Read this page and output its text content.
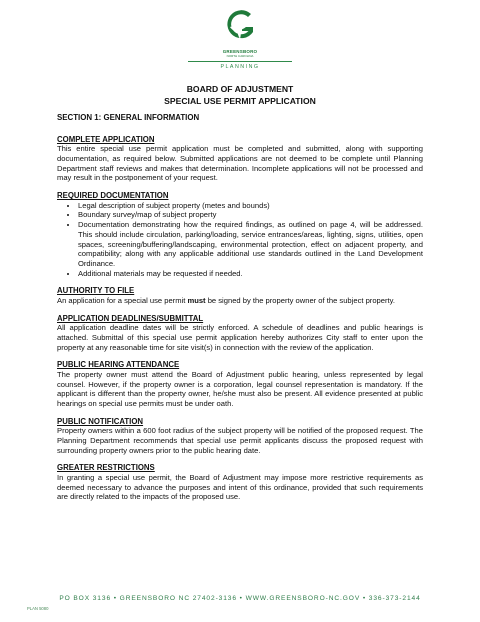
GREENSBORO
NORTH CAROLINA
PLANNING
BOARD OF ADJUSTMENT
SPECIAL USE PERMIT APPLICATION
SECTION 1: GENERAL INFORMATION
COMPLETE APPLICATION
This entire special use permit application must be completed and submitted, along with supporting documentation, as required below. Submitted applications are not deemed to be complete until Planning Department staff reviews and makes that determination. Incomplete applications will not be processed and may result in the postponement of your request.
REQUIRED DOCUMENTATION
• Legal description of subject property (metes and bounds)
• Boundary survey/map of subject property
• Documentation demonstrating how the required findings, as outlined on page 4, will be addressed. This should include circulation, parking/loading, service entrances/areas, lighting, signs, utilities, open spaces, screening/buffering/landscaping, environmental protection, effect on adjacent property, and compatibility; along with any applicable additional use standards outlined in the Land Development Ordinance.
• Additional materials may be requested if needed.
AUTHORITY TO FILE
An application for a special use permit must be signed by the property owner of the subject property.
APPLICATION DEADLINES/SUBMITTAL
All application deadline dates will be strictly enforced. A schedule of deadlines and public hearings is attached. Submittal of this special use permit application hereby authorizes City staff to enter upon the property at any reasonable time for site visit(s) in connection with the review of the application.
PUBLIC HEARING ATTENDANCE
The property owner must attend the Board of Adjustment public hearing, unless represented by legal counsel. However, if the property owner is a corporation, legal counsel representation is mandatory. If the applicant is different than the property owner, he/she must also be present. All evidence presented at public hearings on special use permits must be under oath.
PUBLIC NOTIFICATION
Property owners within a 600 foot radius of the subject property will be notified of the proposed request. The Planning Department recommends that special use permit applicants discuss the proposed request with surrounding property owners prior to the public hearing date.
GREATER RESTRICTIONS
In granting a special use permit, the Board of Adjustment may impose more restrictive requirements as deemed necessary to advance the purposes and intent of this ordinance, provided that such requirements are directly related to the impacts of the proposed use.
PO BOX 3136 • GREENSBORO NC 27402-3136 • WWW.GREENSBORO-NC.GOV • 336-373-2144
PLAN 5080
